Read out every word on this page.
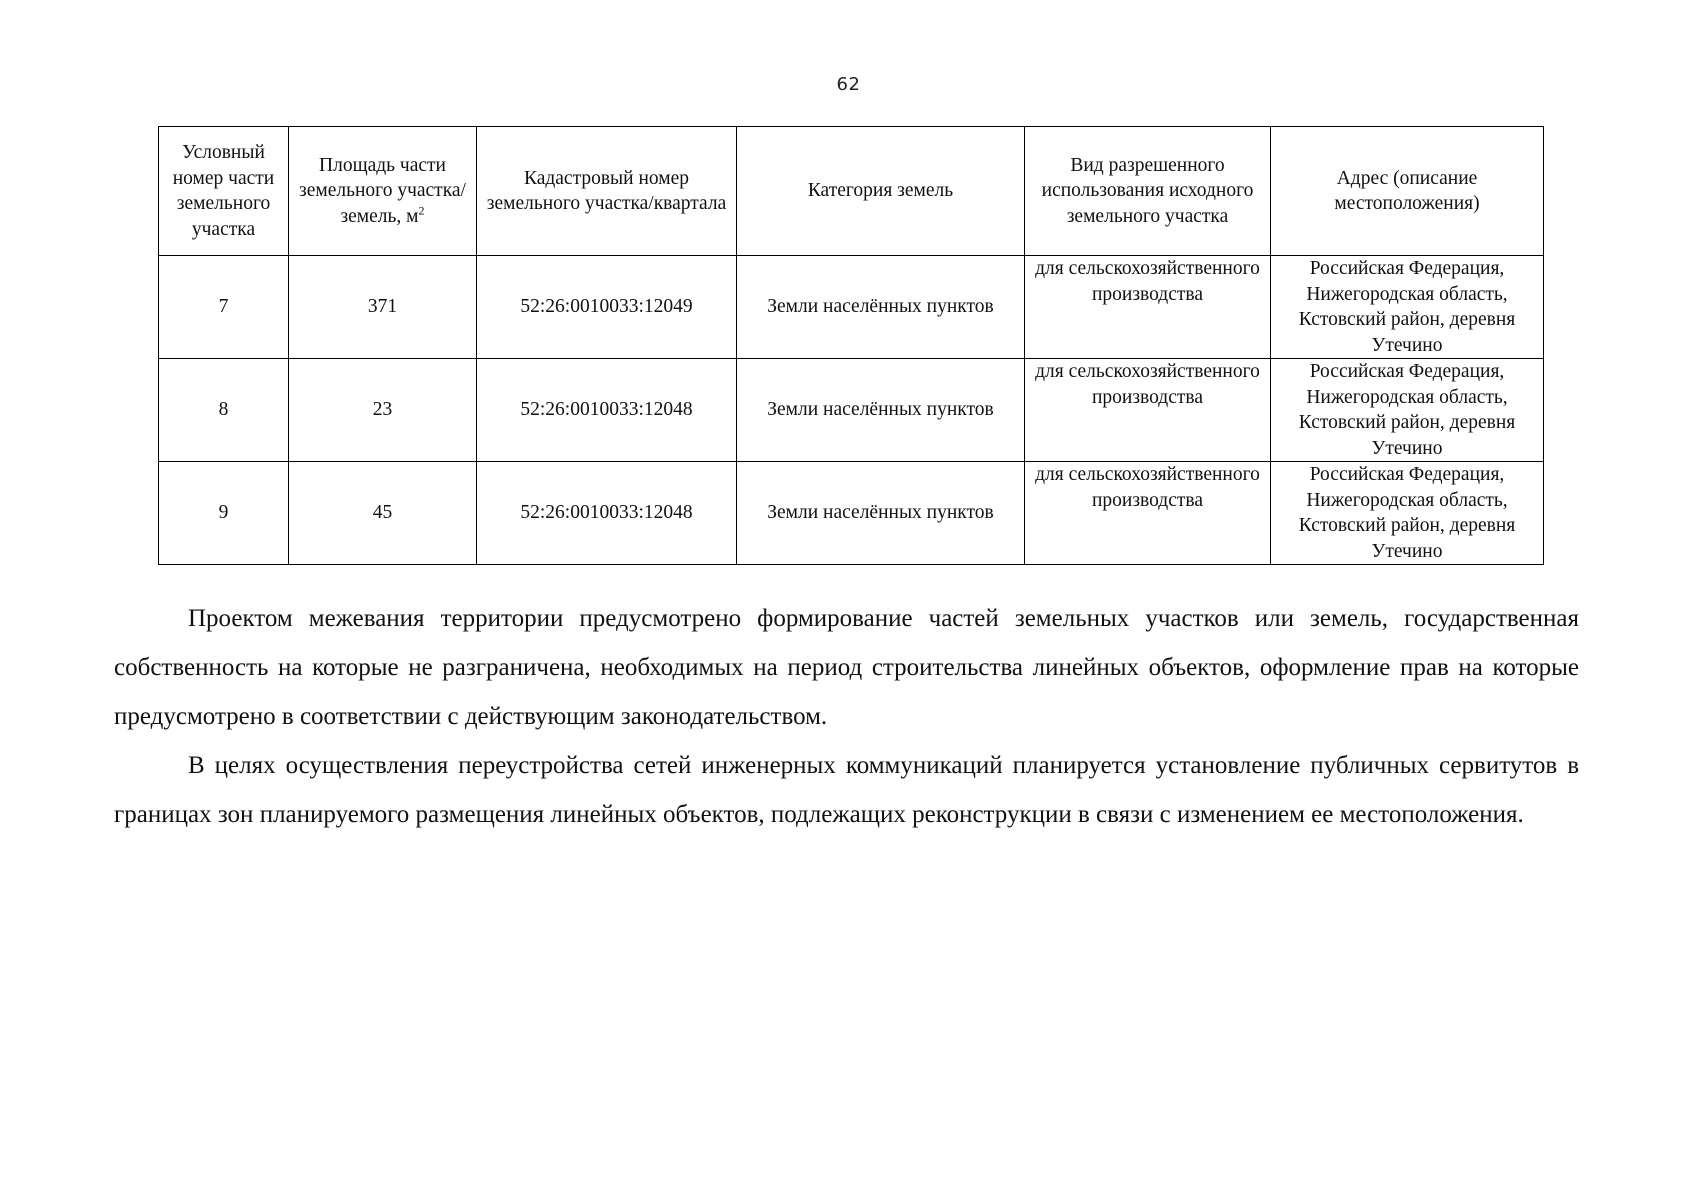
62
Условный номер части земельного участка	Площадь части земельного участка/земель, $м^2$	Кадастровый номер земельного участка/квартала	Категория земель	Вид разрешенного использования исходного земельного участка	Адрес (описание местоположения)
7	371	52:26:0010033:12049	Земли населённых пунктов	для сельскохозяйственного производства	Российская Федерация, Нижегородская область, Кстовский район, деревня Утечино
8	23	52:26:0010033:12048	Земли населённых пунктов	для сельскохозяйственного производства	Российская Федерация, Нижегородская область, Кстовский район, деревня Утечино
9	45	52:26:0010033:12048	Земли населённых пунктов	для сельскохозяйственного производства	Российская Федерация, Нижегородская область, Кстовский район, деревня Утечино

Проектом межевания территории предусмотрено формирование частей земельных участков или земель, государственная собственность на которые не разграничена, необходимых на период строительства линейных объектов, оформление прав на которые предусмотрено в соответствии с действующим законодательством.

В целях осуществления переустройства сетей инженерных коммуникаций планируется установление публичных сервитутов в границах зон планируемого размещения линейных объектов, подлежащих реконструкции в связи с изменением ее местоположения.
